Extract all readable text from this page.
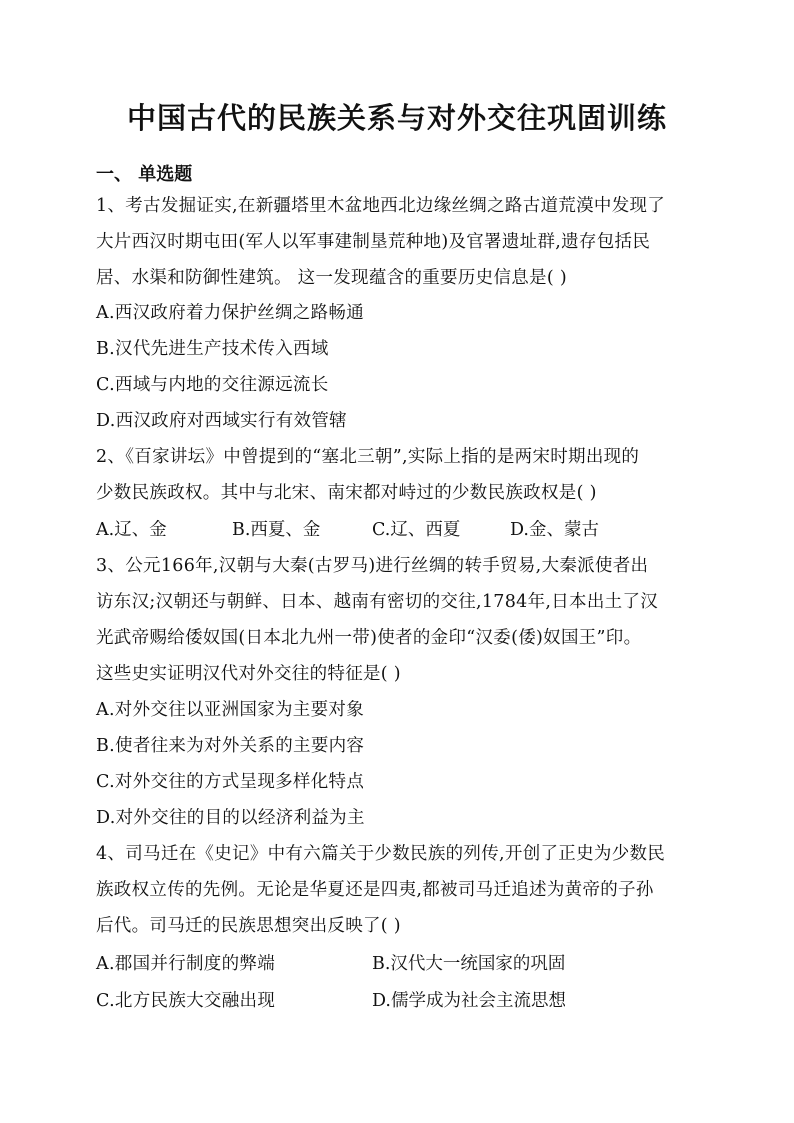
中国古代的民族关系与对外交往巩固训练
一、 单选题
1、考古发掘证实,在新疆塔里木盆地西北边缘丝绸之路古道荒漠中发现了
大片西汉时期屯田(军人以军事建制垦荒种地)及官署遗址群,遗存包括民
居、水渠和防御性建筑。 这一发现蕴含的重要历史信息是( )
A.西汉政府着力保护丝绸之路畅通
B.汉代先进生产技术传入西域
C.西域与内地的交往源远流长
D.西汉政府对西域实行有效管辖
2、《百家讲坛》中曾提到的“塞北三朝”,实际上指的是两宋时期出现的
少数民族政权。其中与北宋、南宋都对峙过的少数民族政权是( )
A.辽、金	B.西夏、金	C.辽、西夏	D.金、蒙古
3、公元166年,汉朝与大秦(古罗马)进行丝绸的转手贸易,大秦派使者出
访东汉;汉朝还与朝鲜、日本、越南有密切的交往,1784年,日本出土了汉
光武帝赐给倭奴国(日本北九州一带)使者的金印“汉委(倭)奴国王”印。
这些史实证明汉代对外交往的特征是( )
A.对外交往以亚洲国家为主要对象
B.使者往来为对外关系的主要内容
C.对外交往的方式呈现多样化特点
D.对外交往的目的以经济利益为主
4、司马迁在《史记》中有六篇关于少数民族的列传,开创了正史为少数民
族政权立传的先例。无论是华夏还是四夷,都被司马迁追述为黄帝的子孙
后代。司马迁的民族思想突出反映了( )
A.郡国并行制度的弊端	B.汉代大一统国家的巩固
C.北方民族大交融出现	D.儒学成为社会主流思想
